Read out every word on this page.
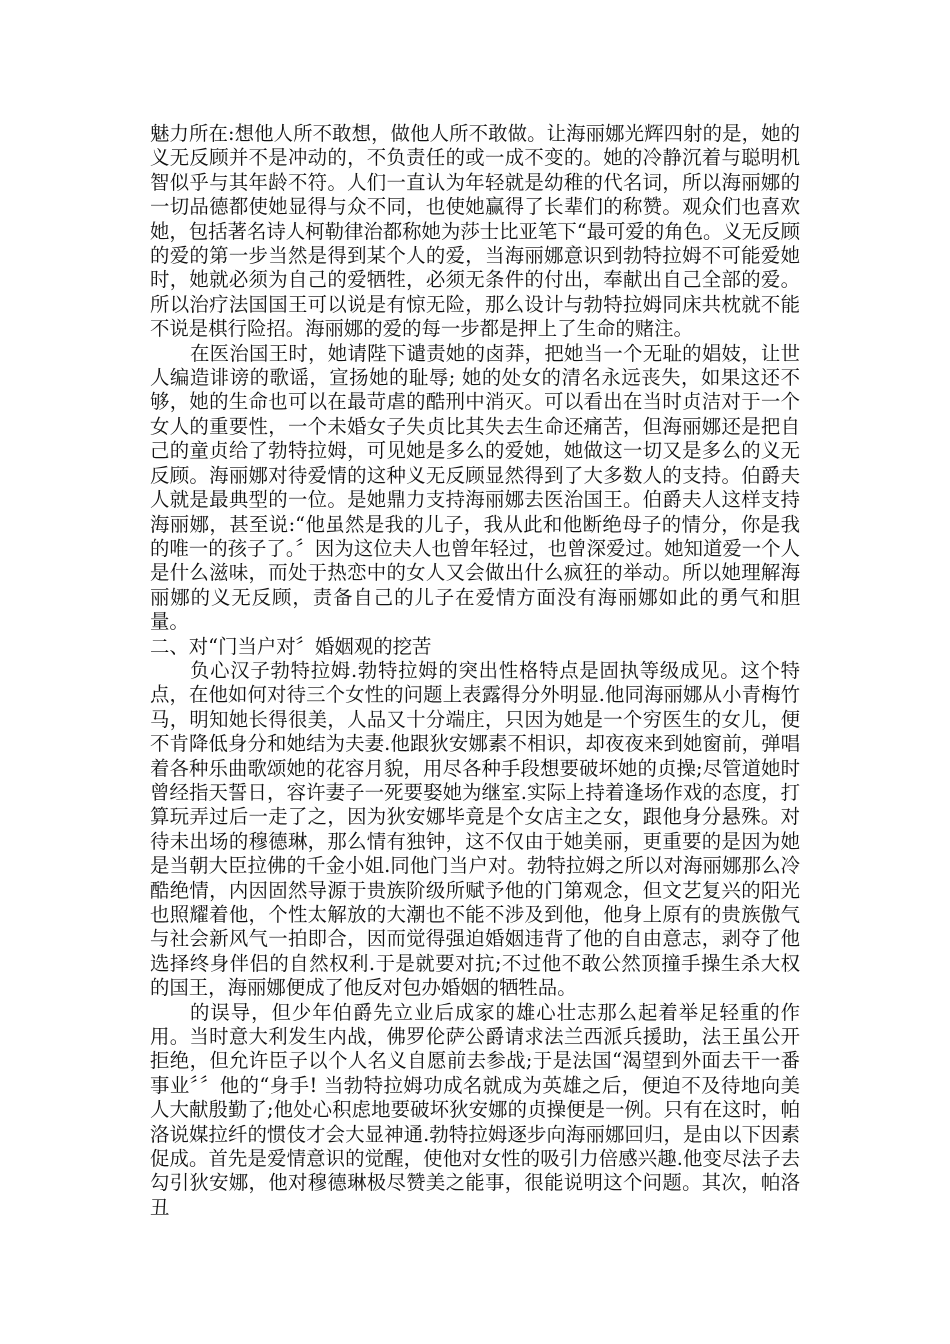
魅力所在:想他人所不敢想，做他人所不敢做。让海丽娜光辉四射的是，她的义无反顾并不是冲动的，不负责任的或一成不变的。她的冷静沉着与聪明机智似乎与其年龄不符。人们一直认为年轻就是幼稚的代名词，所以海丽娜的一切品德都使她显得与众不同，也使她赢得了长辈们的称赞。观众们也喜欢她，包括著名诗人柯勒律治都称她为莎士比亚笔下“最可爱的角色。义无反顾的爱的第一步当然是得到某个人的爱，当海丽娜意识到勃特拉姆不可能爱她时，她就必须为自己的爱牺牲，必须无条件的付出，奉献出自己全部的爱。所以治疗法国国王可以说是有惊无险，那么设计与勃特拉姆同床共枕就不能不说是棋行险招。海丽娜的爱的每一步都是押上了生命的赌注。

在医治国王时，她请陛下谴责她的卤莽，把她当一个无耻的娼妓，让世人编造诽谤的歌谣，宣扬她的耻辱; 她的处女的清名永远丧失，如果这还不够，她的生命也可以在最苛虐的酷刑中消灭。可以看出在当时贞洁对于一个女人的重要性，一个未婚女子失贞比其失去生命还痛苦，但海丽娜还是把自己的童贞给了勃特拉姆，可见她是多么的爱她，她做这一切又是多么的义无反顾。海丽娜对待爱情的这种义无反顾显然得到了大多数人的支持。伯爵夫人就是最典型的一位。是她鼎力支持海丽娜去医治国王。伯爵夫人这样支持海丽娜，甚至说:“他虽然是我的儿子，我从此和他断绝母子的情分，你是我的唯一的孩子了。〞因为这位夫人也曾年轻过，也曾深爱过。她知道爱一个人是什么滋味，而处于热恋中的女人又会做出什么疯狂的举动。所以她理解海丽娜的义无反顾，责备自己的儿子在爱情方面没有海丽娜如此的勇气和胆量。

二、对“门当户对〞婚姻观的挖苦

负心汉子勃特拉姆.勃特拉姆的突出性格特点是固执等级成见。这个特点，在他如何对待三个女性的问题上表露得分外明显.他同海丽娜从小青梅竹马，明知她长得很美，人品又十分端庄，只因为她是一个穷医生的女儿，便不肯降低身分和她结为夫妻.他跟狄安娜素不相识，却夜夜来到她窗前，弹唱着各种乐曲歌颂她的花容月貌，用尽各种手段想要破坏她的贞操;尽管道她时曾经指天誓日，容许妻子一死要娶她为继室.实际上持着逢场作戏的态度，打算玩弄过后一走了之，因为狄安娜毕竟是个女店主之女，跟他身分悬殊。对待未出场的穆德琳，那么情有独钟，这不仅由于她美丽，更重要的是因为她是当朝大臣拉佛的千金小姐.同他门当户对。勃特拉姆之所以对海丽娜那么冷酷绝情，内因固然导源于贵族阶级所赋予他的门第观念，但文艺复兴的阳光也照耀着他，个性太解放的大潮也不能不涉及到他，他身上原有的贵族傲气与社会新风气一拍即合，因而觉得强迫婚姻违背了他的自由意志，剥夺了他选择终身伴侣的自然权利.于是就要对抗;不过他不敢公然顶撞手操生杀大权的国王，海丽娜便成了他反对包办婚姻的牺牲品。

的误导，但少年伯爵先立业后成家的雄心壮志那么起着举足轻重的作用。当时意大利发生内战，佛罗伦萨公爵请求法兰西派兵援助，法王虽公开拒绝，但允许臣子以个人名义自愿前去参战;于是法国“渴望到外面去干一番事业〞〞他的“身手! 当勃特拉姆功成名就成为英雄之后，便迫不及待地向美人大献殷勤了;他处心积虑地要破坏狄安娜的贞操便是一例。只有在这时，帕洛说媒拉纤的惯伎才会大显神通.勃特拉姆逐步向海丽娜回归，是由以下因素促成。首先是爱情意识的觉醒，使他对女性的吸引力倍感兴趣.他变尽法子去勾引狄安娜，他对穆德琳极尽赞美之能事，很能说明这个问题。其次，帕洛丑
